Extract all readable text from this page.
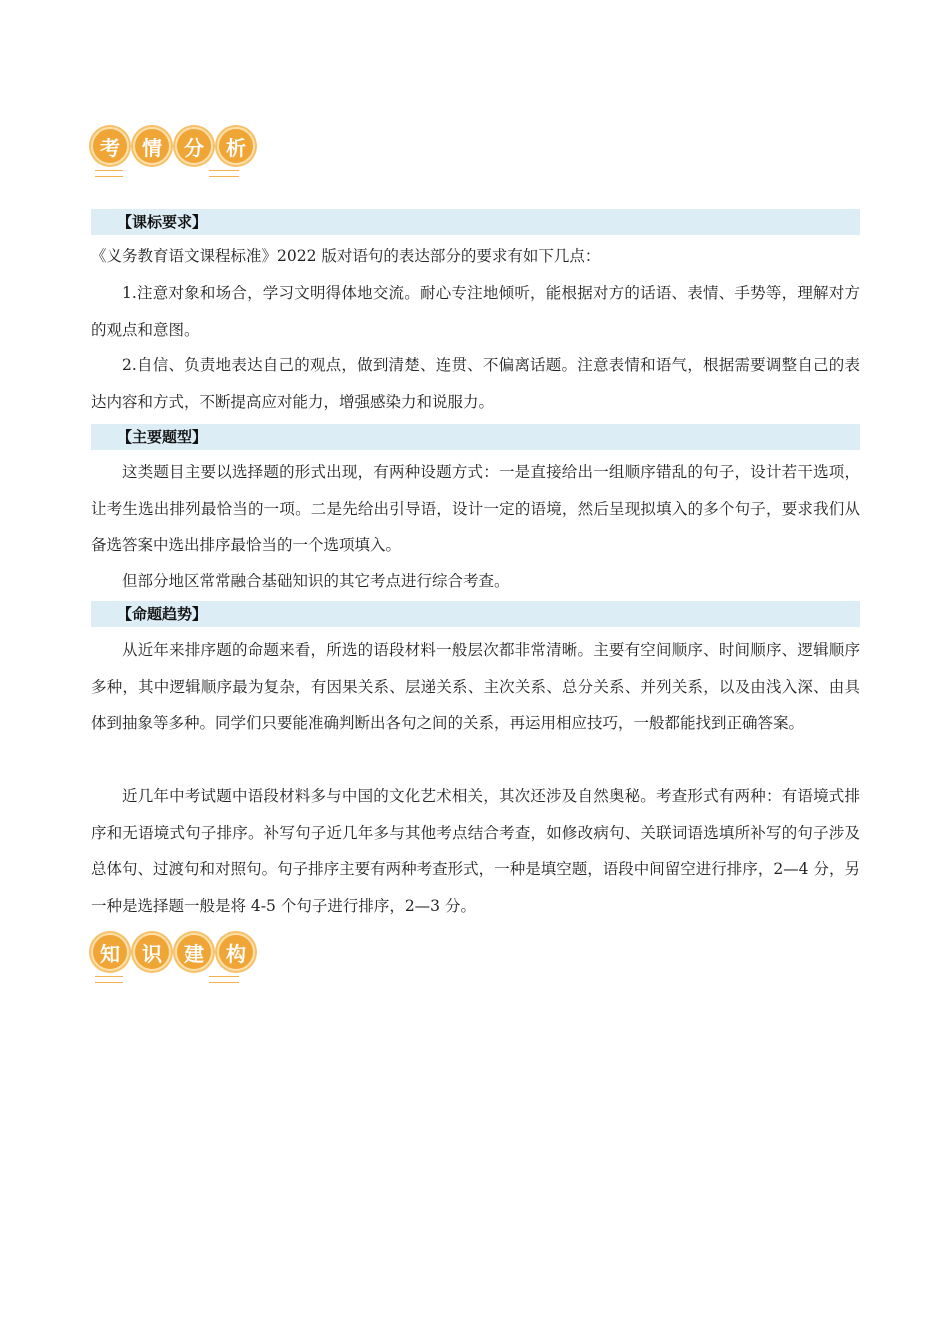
考	情	分	析
【课标要求】

《义务教育语文课程标准》2022 版对语句的表达部分的要求有如下几点：

1.注意对象和场合，学习文明得体地交流。耐心专注地倾听，能根据对方的话语、表情、手势等，理解对方的观点和意图。

2.自信、负责地表达自己的观点，做到清楚、连贯、不偏离话题。注意表情和语气，根据需要调整自己的表达内容和方式，不断提高应对能力，增强感染力和说服力。

【主要题型】

这类题目主要以选择题的形式出现，有两种设题方式：一是直接给出一组顺序错乱的句子，设计若干选项，让考生选出排列最恰当的一项。二是先给出引导语，设计一定的语境，然后呈现拟填入的多个句子，要求我们从备选答案中选出排序最恰当的一个选项填入。

但部分地区常常融合基础知识的其它考点进行综合考查。

【命题趋势】

从近年来排序题的命题来看，所选的语段材料一般层次都非常清晰。主要有空间顺序、时间顺序、逻辑顺序多种，其中逻辑顺序最为复杂，有因果关系、层递关系、主次关系、总分关系、并列关系，以及由浅入深、由具体到抽象等多种。同学们只要能准确判断出各句之间的关系，再运用相应技巧，一般都能找到正确答案。

近几年中考试题中语段材料多与中国的文化艺术相关，其次还涉及自然奥秘。考查形式有两种：有语境式排序和无语境式句子排序。补写句子近几年多与其他考点结合考查，如修改病句、关联词语选填所补写的句子涉及总体句、过渡句和对照句。句子排序主要有两种考查形式，一种是填空题，语段中间留空进行排序，2—4 分，另一种是选择题一般是将 4-5 个句子进行排序，2—3 分。

知	识	建	构
